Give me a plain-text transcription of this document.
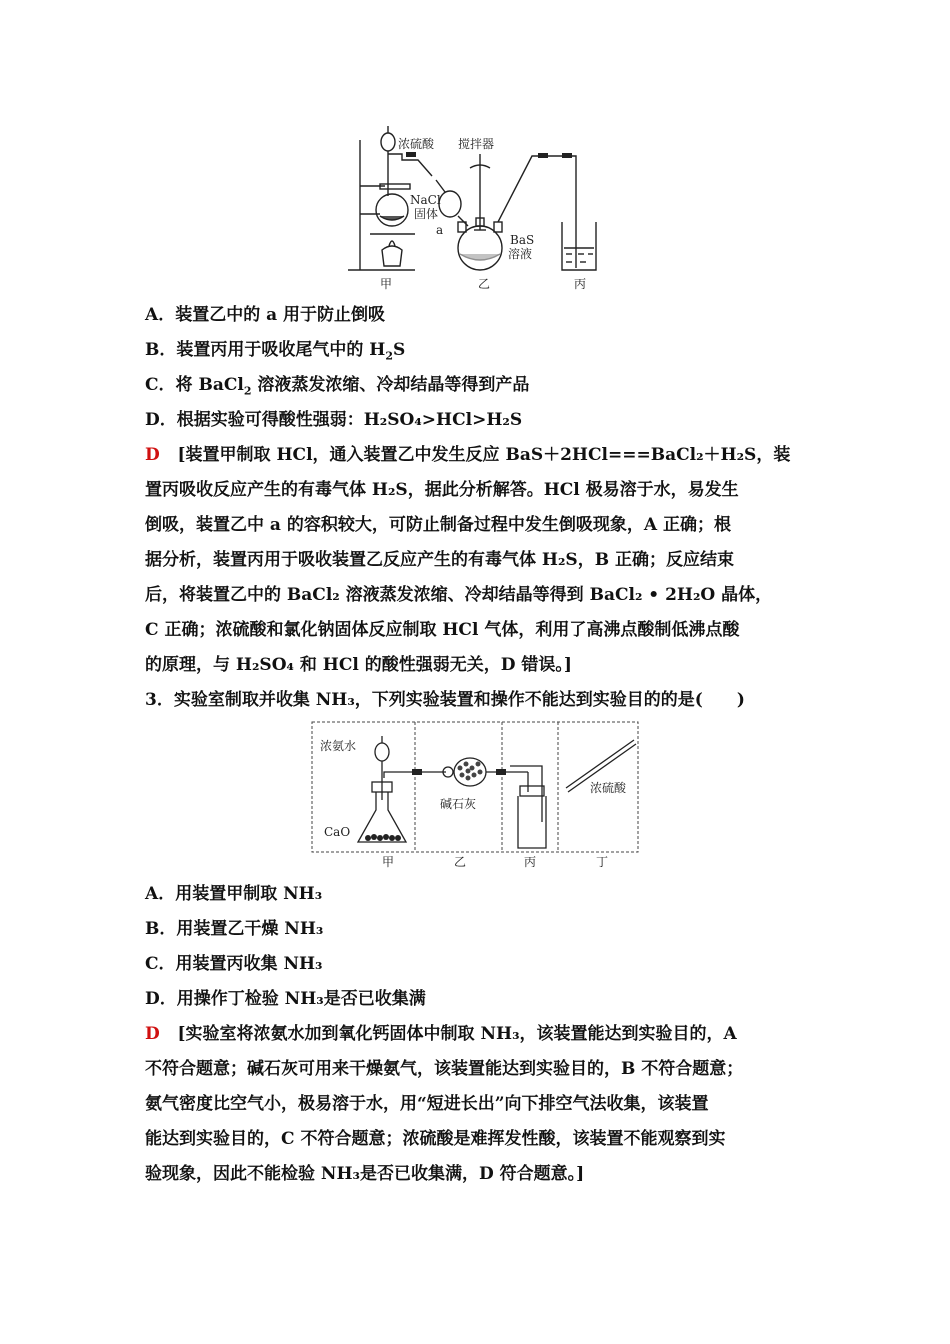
浓硫酸 搅拌器
NaCl
固体
a
BaS
溶液
甲	乙	丙
A．装置乙中的 a 用于防止倒吸
B．装置丙用于吸收尾气中的 $H_2S$
C．将 BaCl$_2$ 溶液蒸发浓缩、冷却结晶等得到产品
D．根据实验可得酸性强弱：H₂SO₄>HCl>H₂S
D [装置甲制取 HCl，通入装置乙中发生反应 BaS＋2HCl===BaCl₂＋H₂S，装
置丙吸收反应产生的有毒气体 H₂S，据此分析解答。HCl 极易溶于水，易发生
倒吸，装置乙中 a 的容积较大，可防止制备过程中发生倒吸现象，A 正确；根
据分析，装置丙用于吸收装置乙反应产生的有毒气体 H₂S，B 正确；反应结束
后，将装置乙中的 BaCl₂ 溶液蒸发浓缩、冷却结晶等得到 BaCl₂ • 2H₂O 晶体，
C 正确；浓硫酸和氯化钠固体反应制取 HCl 气体，利用了高沸点酸制低沸点酸
的原理，与 H₂SO₄ 和 HCl 的酸性强弱无关，D 错误。]
3．实验室制取并收集 NH₃，下列实验装置和操作不能达到实验目的的是(　　)
浓氨水
CaO
碱石灰
浓硫酸
甲	乙	丙	丁
A．用装置甲制取 NH₃
B．用装置乙干燥 NH₃
C．用装置丙收集 NH₃
D．用操作丁检验 NH₃是否已收集满
D [实验室将浓氨水加到氧化钙固体中制取 NH₃，该装置能达到实验目的，A
不符合题意；碱石灰可用来干燥氨气，该装置能达到实验目的，B 不符合题意；
氨气密度比空气小，极易溶于水，用“短进长出”向下排空气法收集，该装置
能达到实验目的，C 不符合题意；浓硫酸是难挥发性酸，该装置不能观察到实
验现象，因此不能检验 NH₃是否已收集满，D 符合题意。]
